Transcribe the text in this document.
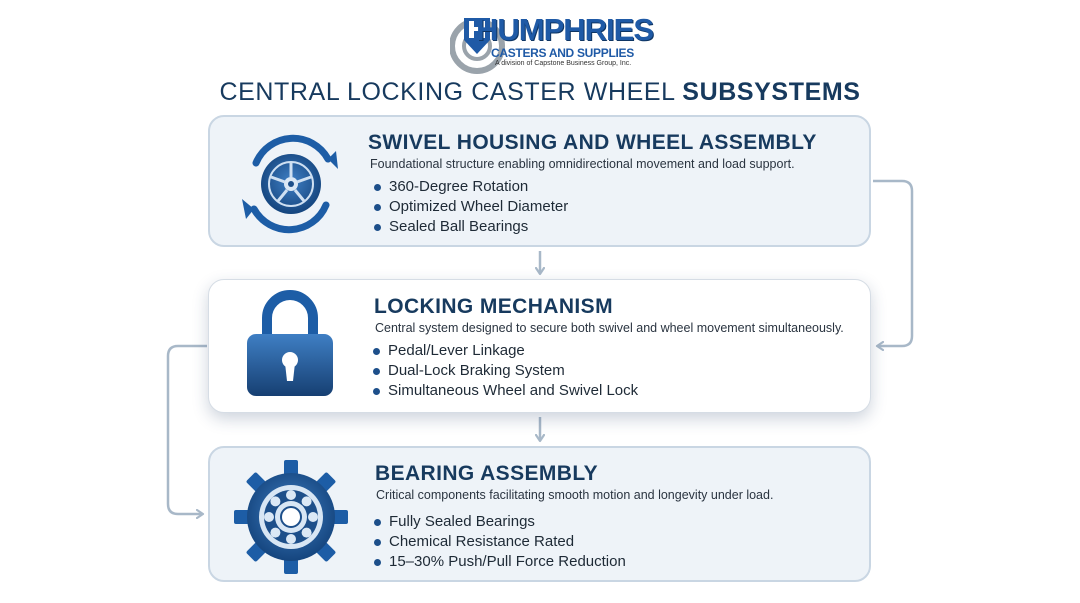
HUMPHRIES
CASTERS AND SUPPLIES
A division of Capstone Business Group, Inc.
CENTRAL LOCKING CASTER WHEEL SUBSYSTEMS
SWIVEL HOUSING AND WHEEL ASSEMBLY
Foundational structure enabling omnidirectional movement and load support.
360-Degree Rotation
Optimized Wheel Diameter
Sealed Ball Bearings
LOCKING MECHANISM
Central system designed to secure both swivel and wheel movement simultaneously.
Pedal/Lever Linkage
Dual-Lock Braking System
Simultaneous Wheel and Swivel Lock
BEARING ASSEMBLY
Critical components facilitating smooth motion and longevity under load.
Fully Sealed Bearings
Chemical Resistance Rated
15–30% Push/Pull Force Reduction
